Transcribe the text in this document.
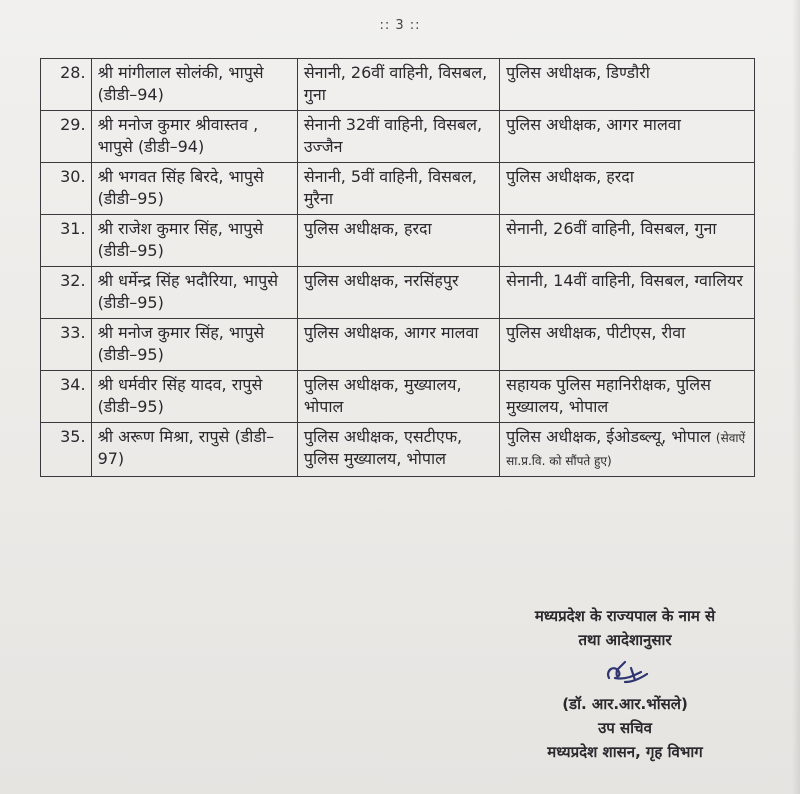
:: 3 ::
28.	श्री मांगीलाल सोलंकी, भापुसे (डीडी–94)	सेनानी, 26वीं वाहिनी, विसबल, गुना	पुलिस अधीक्षक, डिण्डौरी
29.	श्री मनोज कुमार श्रीवास्तव , भापुसे (डीडी–94)	सेनानी 32वीं वाहिनी, विसबल, उज्जैन	पुलिस अधीक्षक, आगर मालवा
30.	श्री भगवत सिंह बिरदे, भापुसे (डीडी–95)	सेनानी, 5वीं वाहिनी, विसबल, मुरैना	पुलिस अधीक्षक, हरदा
31.	श्री राजेश कुमार सिंह, भापुसे (डीडी–95)	पुलिस अधीक्षक, हरदा	सेनानी, 26वीं वाहिनी, विसबल, गुना
32.	श्री धर्मेन्द्र सिंह भदौरिया, भापुसे (डीडी–95)	पुलिस अधीक्षक, नरसिंहपुर	सेनानी, 14वीं वाहिनी, विसबल, ग्वालियर
33.	श्री मनोज कुमार सिंह, भापुसे (डीडी–95)	पुलिस अधीक्षक, आगर मालवा	पुलिस अधीक्षक, पीटीएस, रीवा
34.	श्री धर्मवीर सिंह यादव, रापुसे (डीडी–95)	पुलिस अधीक्षक, मुख्यालय, भोपाल	सहायक पुलिस महानिरीक्षक, पुलिस मुख्यालय, भोपाल
35.	श्री अरूण मिश्रा, रापुसे (डीडी–97)	पुलिस अधीक्षक, एसटीएफ, पुलिस मुख्यालय, भोपाल	पुलिस अधीक्षक, ईओडब्ल्यू, भोपाल (सेवाऐं सा.प्र.वि. को सौंपते हुए)
मध्यप्रदेश के राज्यपाल के नाम से
तथा आदेशानुसार
(डॉ. आर.आर.भोंसले)
उप सचिव
मध्यप्रदेश शासन, गृह विभाग
